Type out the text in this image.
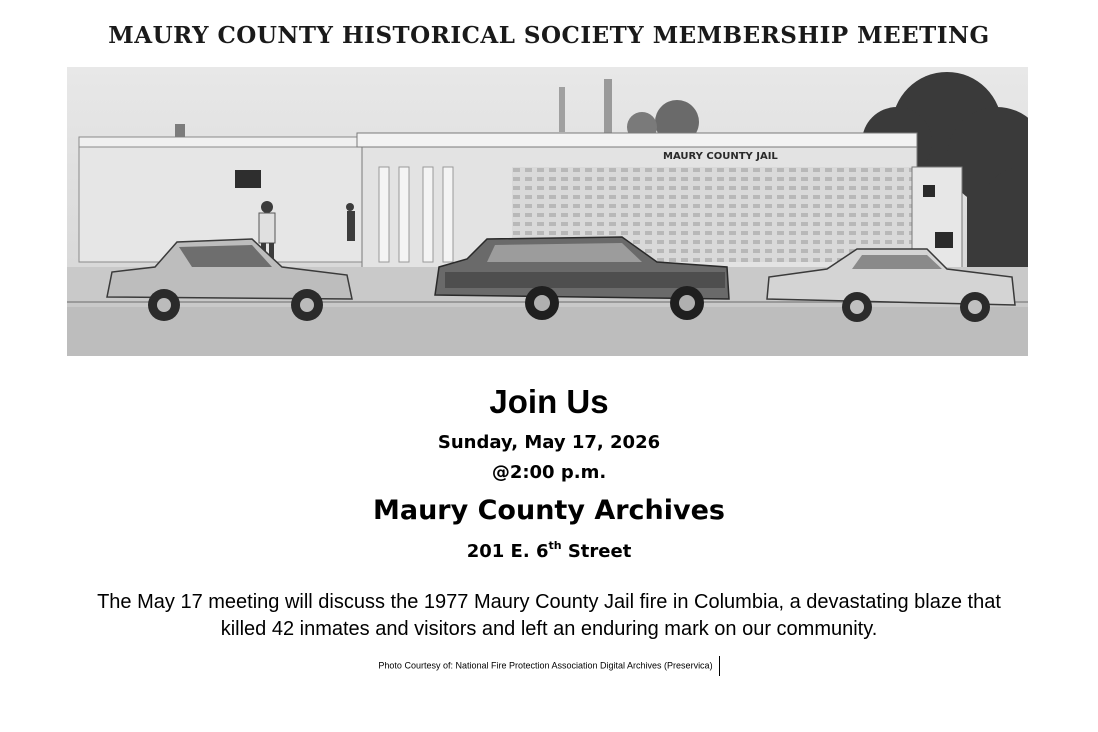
MAURY COUNTY HISTORICAL SOCIETY MEMBERSHIP MEETING
MAURY COUNTY JAIL
Join Us
Sunday, May 17, 2026
@2:00 p.m.
Maury County Archives
201 E. 6th Street
The May 17 meeting will discuss the 1977 Maury County Jail fire in Columbia, a devastating blaze that
killed 42 inmates and visitors and left an enduring mark on our community.
Photo Courtesy of: National Fire Protection Association Digital Archives (Preservica)
